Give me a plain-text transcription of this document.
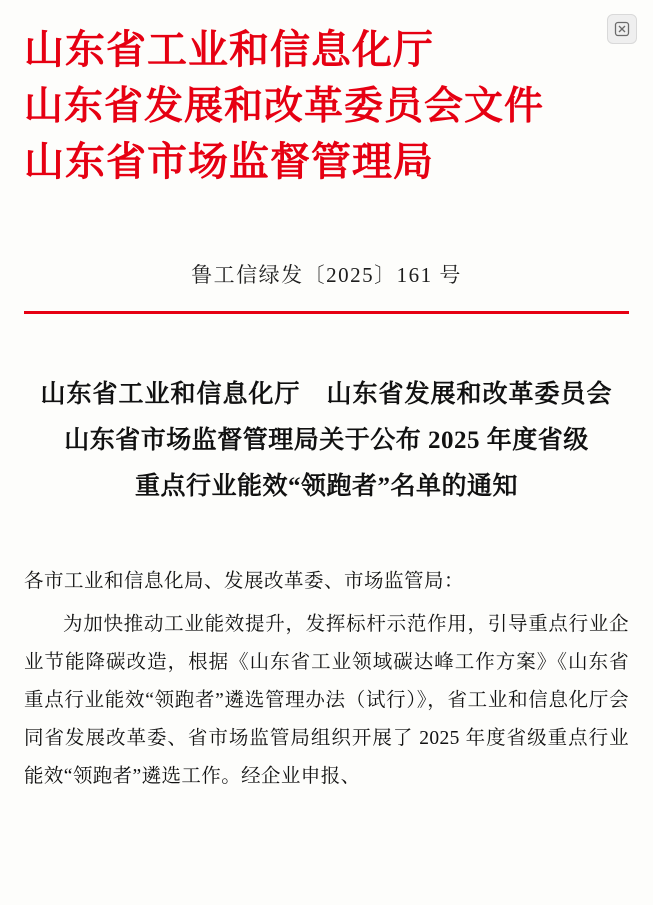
山东省工业和信息化厅
山东省发展和改革委员会文件
山东省市场监督管理局
鲁工信绿发〔2025〕161 号
山东省工业和信息化厅　山东省发展和改革委员会
山东省市场监督管理局关于公布 2025 年度省级
重点行业能效“领跑者”名单的通知
各市工业和信息化局、发展改革委、市场监管局：
为加快推动工业能效提升，发挥标杆示范作用，引导重点行业企业节能降碳改造，根据《山东省工业领域碳达峰工作方案》《山东省重点行业能效“领跑者”遴选管理办法（试行）》，省工业和信息化厅会同省发展改革委、省市场监管局组织开展了 2025 年度省级重点行业能效“领跑者”遴选工作。经企业申报、
